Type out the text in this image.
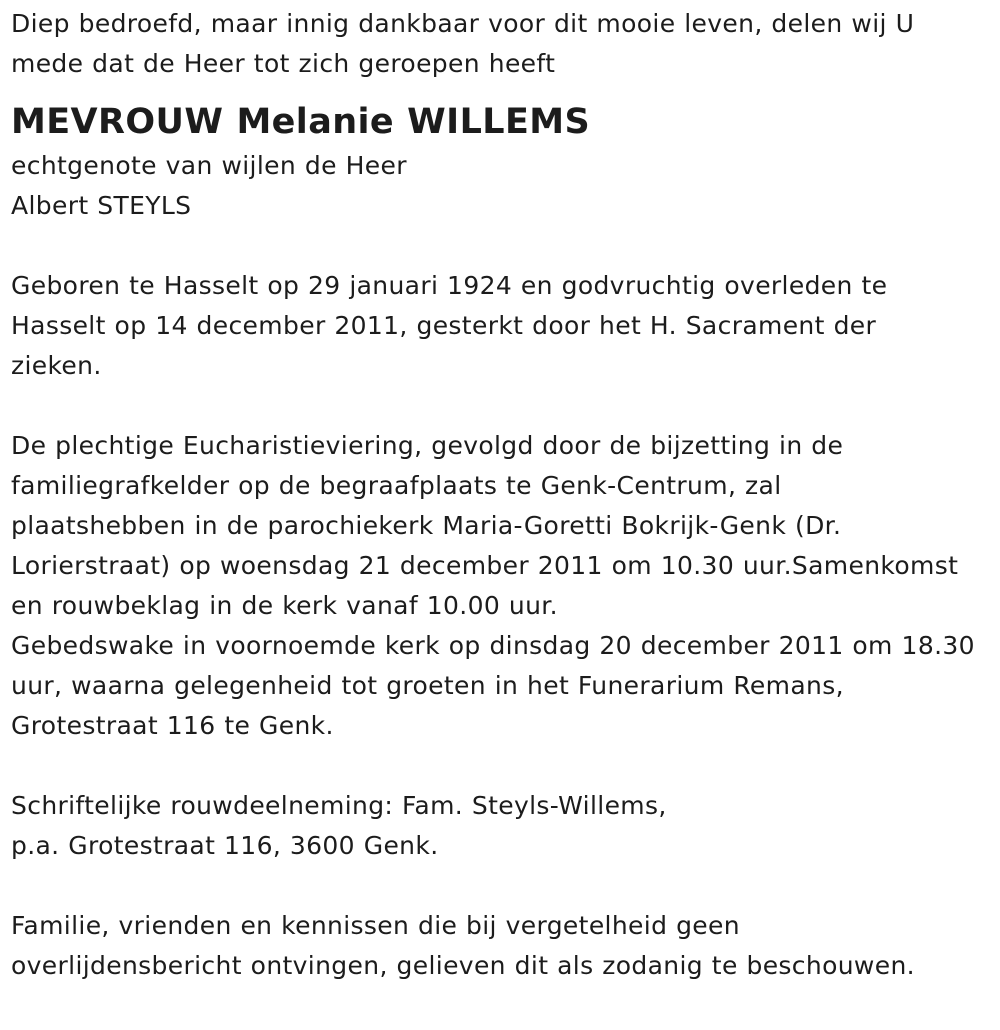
Diep bedroefd, maar innig dankbaar voor dit mooie leven, delen wij U
mede dat de Heer tot zich geroepen heeft
MEVROUW Melanie WILLEMS
echtgenote van wijlen de Heer
Albert STEYLS
Geboren te Hasselt op 29 januari 1924 en godvruchtig overleden te
Hasselt op 14 december 2011, gesterkt door het H. Sacrament der
zieken.
De plechtige Eucharistieviering, gevolgd door de bijzetting in de
familiegrafkelder op de begraafplaats te Genk-Centrum, zal
plaatshebben in de parochiekerk Maria-Goretti Bokrijk-Genk (Dr.
Lorierstraat) op woensdag 21 december 2011 om 10.30 uur.Samenkomst
en rouwbeklag in de kerk vanaf 10.00 uur.
Gebedswake in voornoemde kerk op dinsdag 20 december 2011 om 18.30
uur, waarna gelegenheid tot groeten in het Funerarium Remans,
Grotestraat 116 te Genk.
Schriftelijke rouwdeelneming: Fam. Steyls-Willems,
p.a. Grotestraat 116, 3600 Genk.
Familie, vrienden en kennissen die bij vergetelheid geen
overlijdensbericht ontvingen, gelieven dit als zodanig te beschouwen.
